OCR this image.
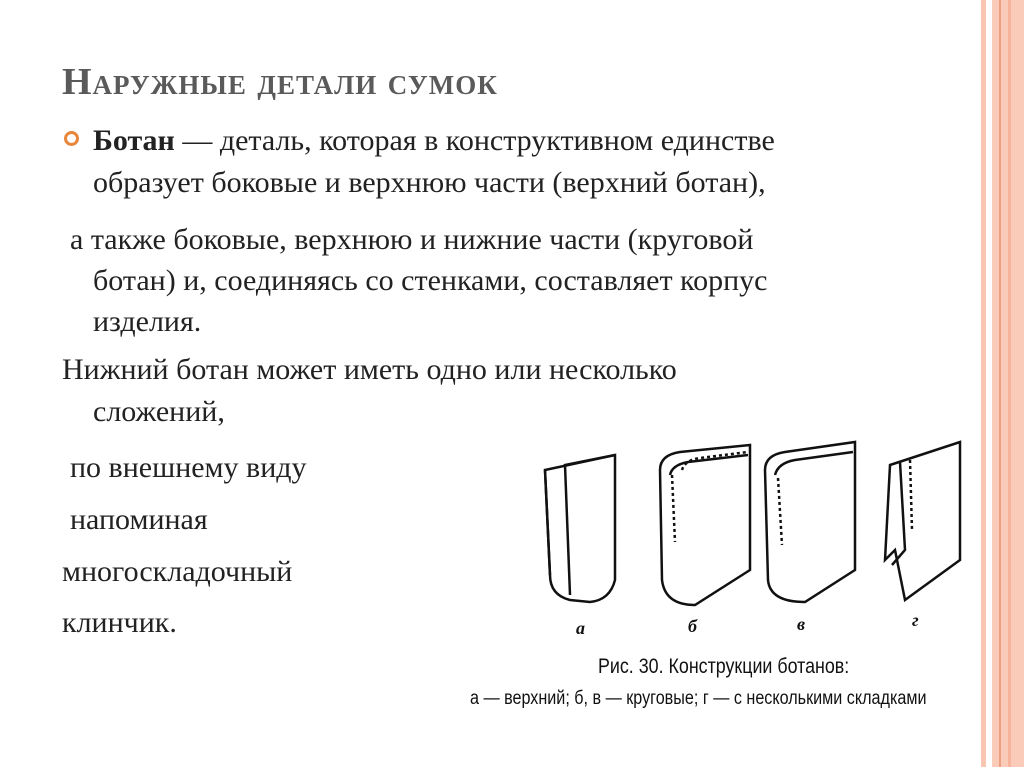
Наружные детали сумок
Ботан — деталь, которая в конструктивном единстве
образует боковые и верхнюю части (верхний ботан),
а также боковые, верхнюю и нижние части (круговой
ботан) и, соединяясь со стенками, составляет корпус
изделия.
Нижний ботан может иметь одно или несколько
сложений,
по внешнему виду
напоминая
многоскладочный
клинчик.	а	б	в	г
Рис. 30. Конструкции ботанов:
а — верхний; б, в — круговые; г — с несколькими складками
